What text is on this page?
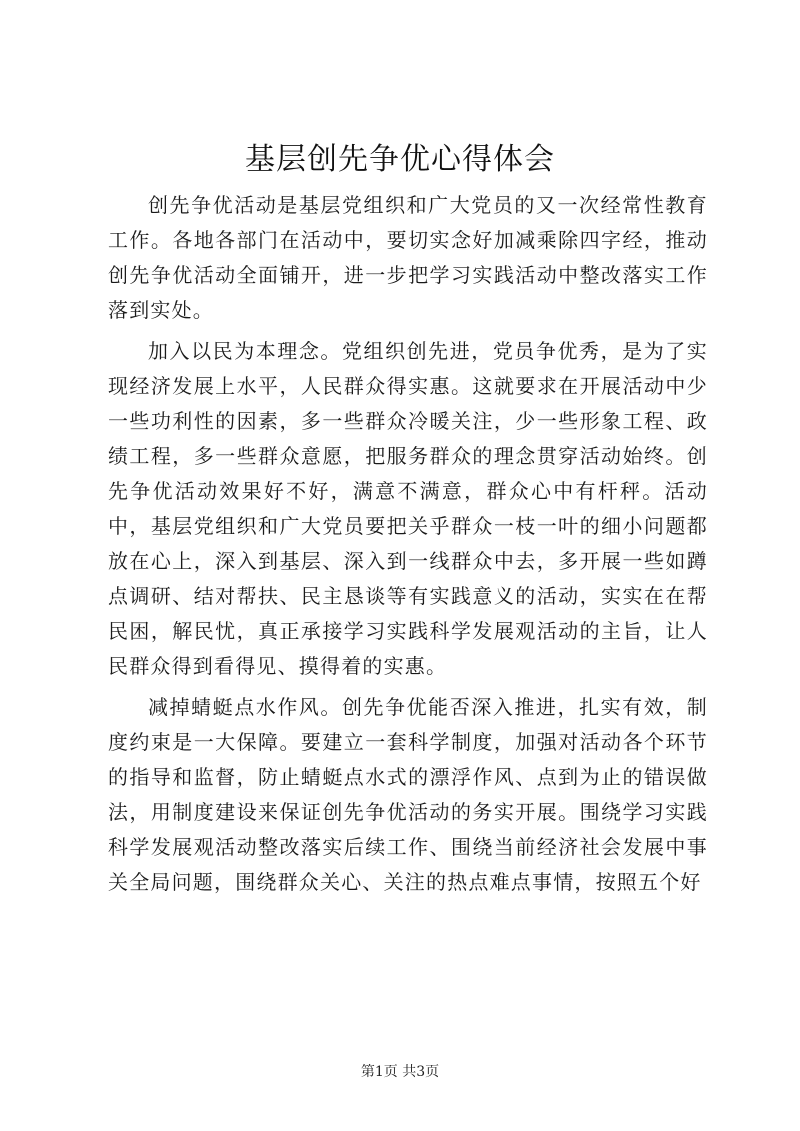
基层创先争优心得体会

创先争优活动是基层党组织和广大党员的又一次经常性教育工作。各地各部门在活动中，要切实念好加减乘除四字经，推动创先争优活动全面铺开，进一步把学习实践活动中整改落实工作落到实处。

加入以民为本理念。党组织创先进，党员争优秀，是为了实现经济发展上水平，人民群众得实惠。这就要求在开展活动中少一些功利性的因素，多一些群众冷暖关注，少一些形象工程、政绩工程，多一些群众意愿，把服务群众的理念贯穿活动始终。创先争优活动效果好不好，满意不满意，群众心中有杆秤。活动中，基层党组织和广大党员要把关乎群众一枝一叶的细小问题都放在心上，深入到基层、深入到一线群众中去，多开展一些如蹲点调研、结对帮扶、民主恳谈等有实践意义的活动，实实在在帮民困，解民忧，真正承接学习实践科学发展观活动的主旨，让人民群众得到看得见、摸得着的实惠。

减掉蜻蜓点水作风。创先争优能否深入推进，扎实有效，制度约束是一大保障。要建立一套科学制度，加强对活动各个环节的指导和监督，防止蜻蜓点水式的漂浮作风、点到为止的错误做法，用制度建设来保证创先争优活动的务实开展。围绕学习实践科学发展观活动整改落实后续工作、围绕当前经济社会发展中事关全局问题，围绕群众关心、关注的热点难点事情，按照五个好

第1页 共3页
